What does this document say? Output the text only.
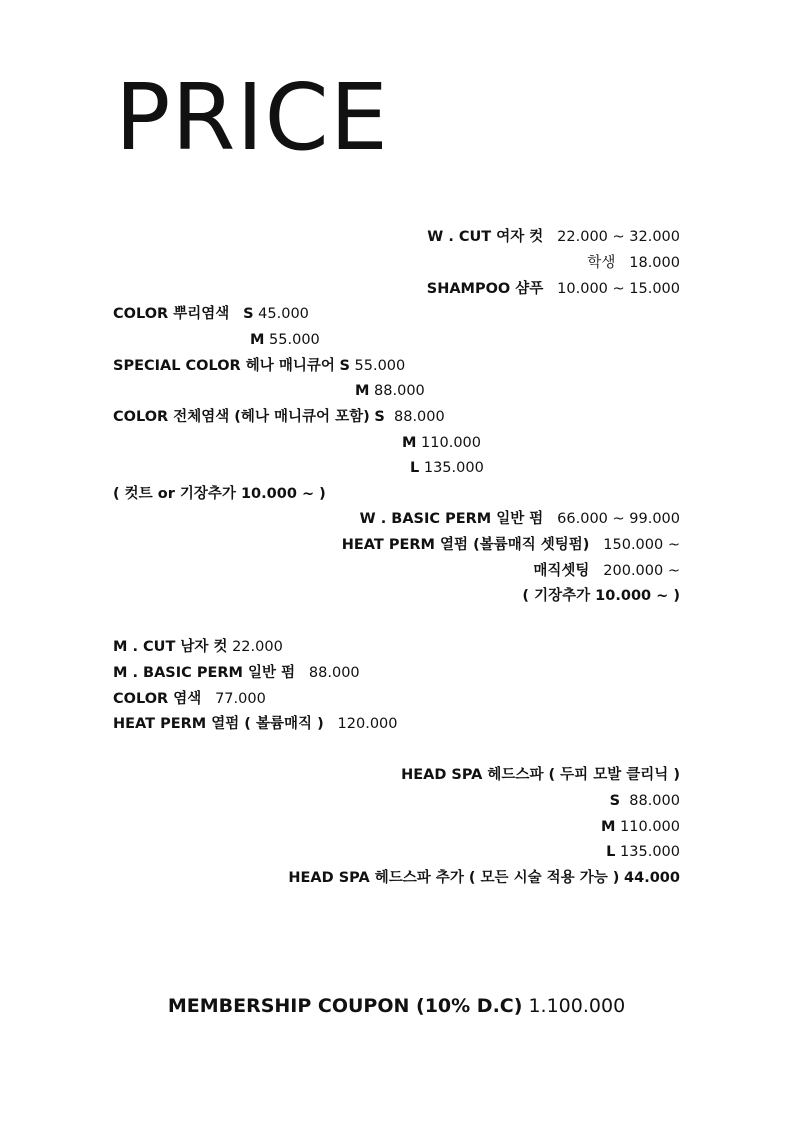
PRICE
W . CUT 여자 컷 22.000 ~ 32.000
학생 18.000
SHAMPOO 샴푸 10.000 ~ 15.000
COLOR 뿌리염색 S 45.000
M 55.000
SPECIAL COLOR 헤나 매니큐어 S 55.000
M 88.000
COLOR 전체염색 (헤나 매니큐어 포함) S 88.000
M 110.000
L 135.000
( 컷트 or 기장추가 10.000 ~ )
W . BASIC PERM 일반 펌 66.000 ~ 99.000
HEAT PERM 열펌 (볼륨매직 셋팅펌) 150.000 ~
매직셋팅 200.000 ~
( 기장추가 10.000 ~ )
M . CUT 남자 컷 22.000
M . BASIC PERM 일반 펌 88.000
COLOR 염색 77.000
HEAT PERM 열펌 ( 볼륨매직 ) 120.000
HEAD SPA 헤드스파 ( 두피 모발 클리닉 )
S 88.000
M 110.000
L 135.000
HEAD SPA 헤드스파 추가 ( 모든 시술 적용 가능 ) 44.000
MEMBERSHIP COUPON (10% D.C) 1.100.000
